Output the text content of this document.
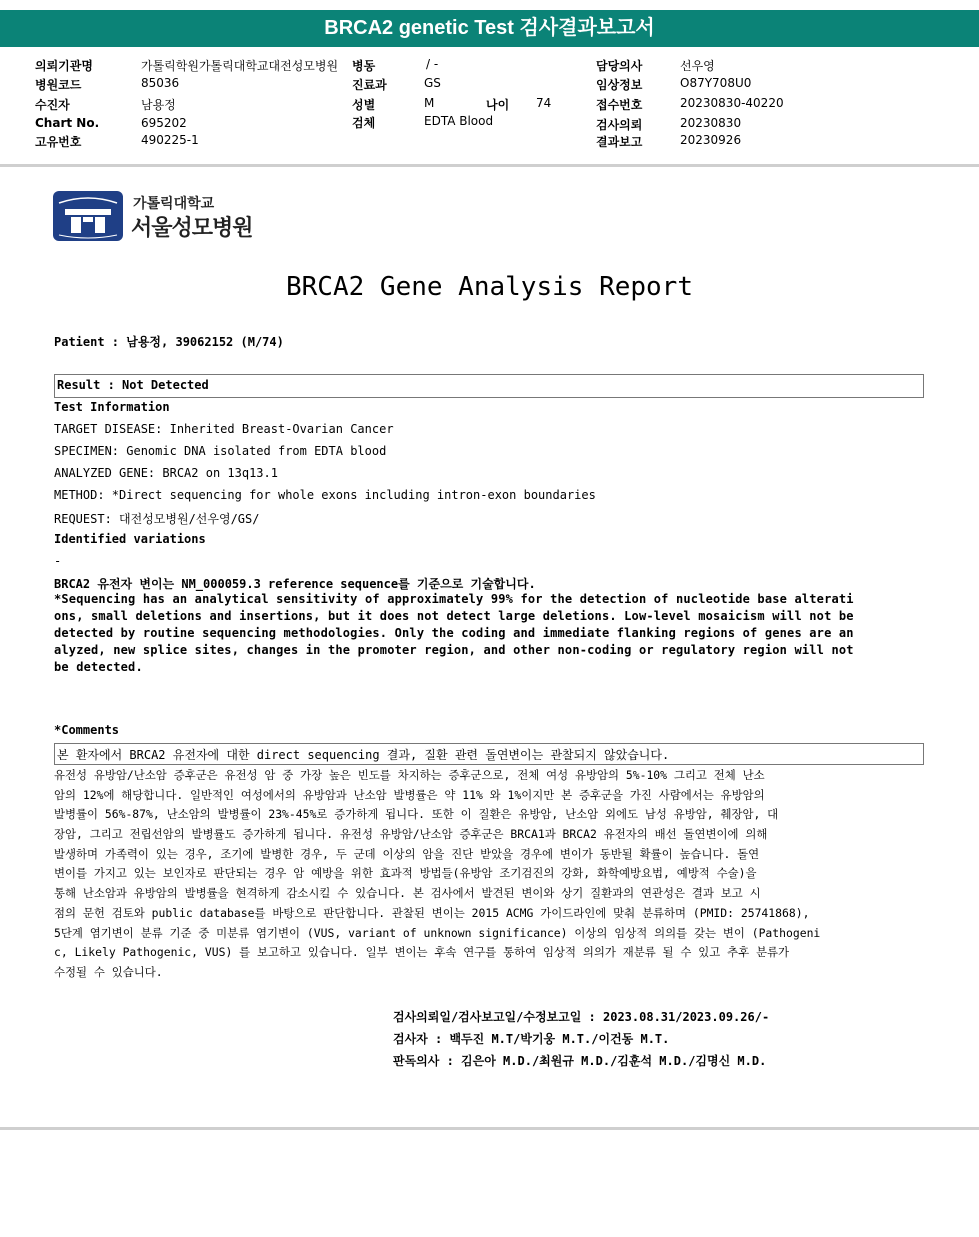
BRCA2 genetic Test 검사결과보고서
의뢰기관명	가톨릭학원가톨릭대학교대전성모병원
병원코드	85036
수진자	남용정
Chart No.	695202
고유번호	490225-1
병동	/ -
진료과	GS
성별	M	나이 74
검체	EDTA Blood
담당의사	선우영
임상정보	O87Y708U0
접수번호	20230830-40220
검사의뢰	20230830
결과보고	20230926
가톨릭대학교
서울성모병원
BRCA2 Gene Analysis Report
Patient : 남용정, 39062152 (M/74)
Result : Not Detected
Test Information
TARGET DISEASE: Inherited Breast-Ovarian Cancer
SPECIMEN: Genomic DNA isolated from EDTA blood
ANALYZED GENE: BRCA2 on 13q13.1
METHOD: *Direct sequencing for whole exons including intron-exon boundaries
REQUEST: 대전성모병원/선우영/GS/
Identified variations
-
BRCA2 유전자 변이는 NM_000059.3 reference sequence를 기준으로 기술합니다.
*Sequencing has an analytical sensitivity of approximately 99% for the detection of nucleotide base alterati
ons, small deletions and insertions, but it does not detect large deletions. Low-level mosaicism will not be
detected by routine sequencing methodologies. Only the coding and immediate flanking regions of genes are an
alyzed, new splice sites, changes in the promoter region, and other non-coding or regulatory region will not
be detected.
*Comments
본 환자에서 BRCA2 유전자에 대한 direct sequencing 결과, 질환 관련 돌연변이는 관찰되지 않았습니다.
유전성 유방암/난소암 증후군은 유전성 암 중 가장 높은 빈도를 차지하는 증후군으로, 전체 여성 유방암의 5%-10% 그리고 전체 난소
암의 12%에 해당합니다. 일반적인 여성에서의 유방암과 난소암 발병률은 약 11% 와 1%이지만 본 증후군을 가진 사람에서는 유방암의
발병률이 56%-87%, 난소암의 발병률이 23%-45%로 증가하게 됩니다. 또한 이 질환은 유방암, 난소암 외에도 남성 유방암, 췌장암, 대
장암, 그리고 전립선암의 발병률도 증가하게 됩니다. 유전성 유방암/난소암 증후군은 BRCA1과 BRCA2 유전자의 배선 돌연변이에 의해
발생하며 가족력이 있는 경우, 조기에 발병한 경우, 두 군데 이상의 암을 진단 받았을 경우에 변이가 동반될 확률이 높습니다. 돌연
변이를 가지고 있는 보인자로 판단되는 경우 암 예방을 위한 효과적 방법들(유방암 조기검진의 강화, 화학예방요법, 예방적 수술)을
통해 난소암과 유방암의 발병률을 현격하게 감소시킬 수 있습니다. 본 검사에서 발견된 변이와 상기 질환과의 연관성은 결과 보고 시
점의 문헌 검토와 public database를 바탕으로 판단합니다. 관찰된 변이는 2015 ACMG 가이드라인에 맞춰 분류하며 (PMID: 25741868),
5단계 염기변이 분류 기준 중 미분류 염기변이 (VUS, variant of unknown significance) 이상의 임상적 의의를 갖는 변이 (Pathogeni
c, Likely Pathogenic, VUS) 를 보고하고 있습니다. 일부 변이는 후속 연구를 통하여 임상적 의의가 재분류 될 수 있고 추후 분류가
수정될 수 있습니다.
검사의뢰일/검사보고일/수정보고일 : 2023.08.31/2023.09.26/-
검사자 : 백두진 M.T/박기웅 M.T./이건동 M.T.
판독의사 : 김은아 M.D./최원규 M.D./김훈석 M.D./김명신 M.D.
